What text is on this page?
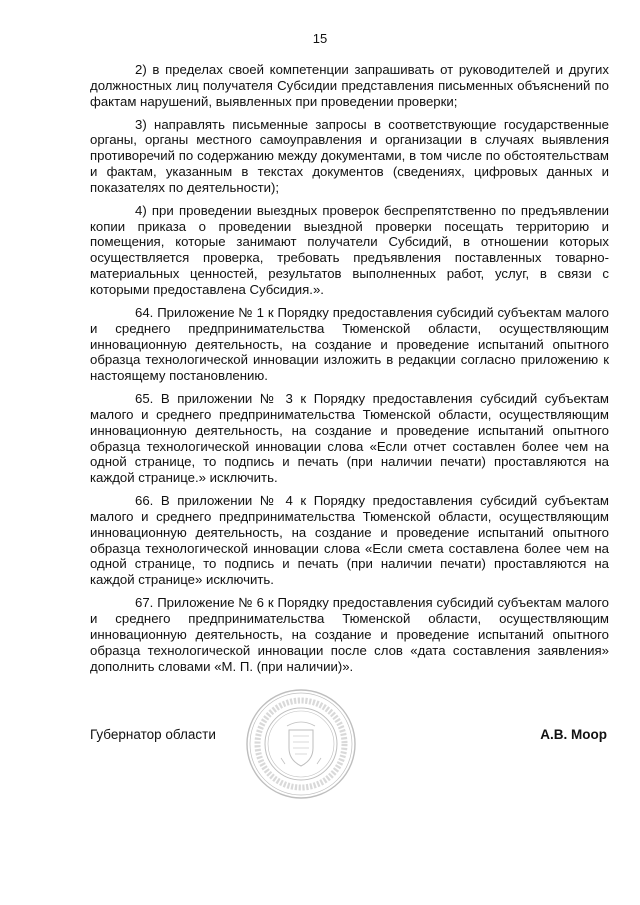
15

2) в пределах своей компетенции запрашивать от руководителей и других должностных лиц получателя Субсидии представления письменных объяснений по фактам нарушений, выявленных при проведении проверки;

3) направлять письменные запросы в соответствующие государственные органы, органы местного самоуправления и организации в случаях выявления противоречий по содержанию между документами, в том числе по обстоятельствам и фактам, указанным в текстах документов (сведениях, цифровых данных и показателях по деятельности);

4) при проведении выездных проверок беспрепятственно по предъявлении копии приказа о проведении выездной проверки посещать территорию и помещения, которые занимают получатели Субсидий, в отношении которых осуществляется проверка, требовать предъявления поставленных товарно-материальных ценностей, результатов выполненных работ, услуг, в связи с которыми предоставлена Субсидия.».

64. Приложение № 1 к Порядку предоставления субсидий субъектам малого и среднего предпринимательства Тюменской области, осуществляющим инновационную деятельность, на создание и проведение испытаний опытного образца технологической инновации изложить в редакции согласно приложению к настоящему постановлению.

65. В приложении № 3 к Порядку предоставления субсидий субъектам малого и среднего предпринимательства Тюменской области, осуществляющим инновационную деятельность, на создание и проведение испытаний опытного образца технологической инновации слова «Если отчет составлен более чем на одной странице, то подпись и печать (при наличии печати) проставляются на каждой странице.» исключить.

66. В приложении № 4 к Порядку предоставления субсидий субъектам малого и среднего предпринимательства Тюменской области, осуществляющим инновационную деятельность, на создание и проведение испытаний опытного образца технологической инновации слова «Если смета составлена более чем на одной странице, то подпись и печать (при наличии печати) проставляются на каждой странице» исключить.

67. Приложение № 6 к Порядку предоставления субсидий субъектам малого и среднего предпринимательства Тюменской области, осуществляющим инновационную деятельность, на создание и проведение испытаний опытного образца технологической инновации после слов «дата составления заявления» дополнить словами «М. П. (при наличии)».

Губернатор области	А.В. Моор
